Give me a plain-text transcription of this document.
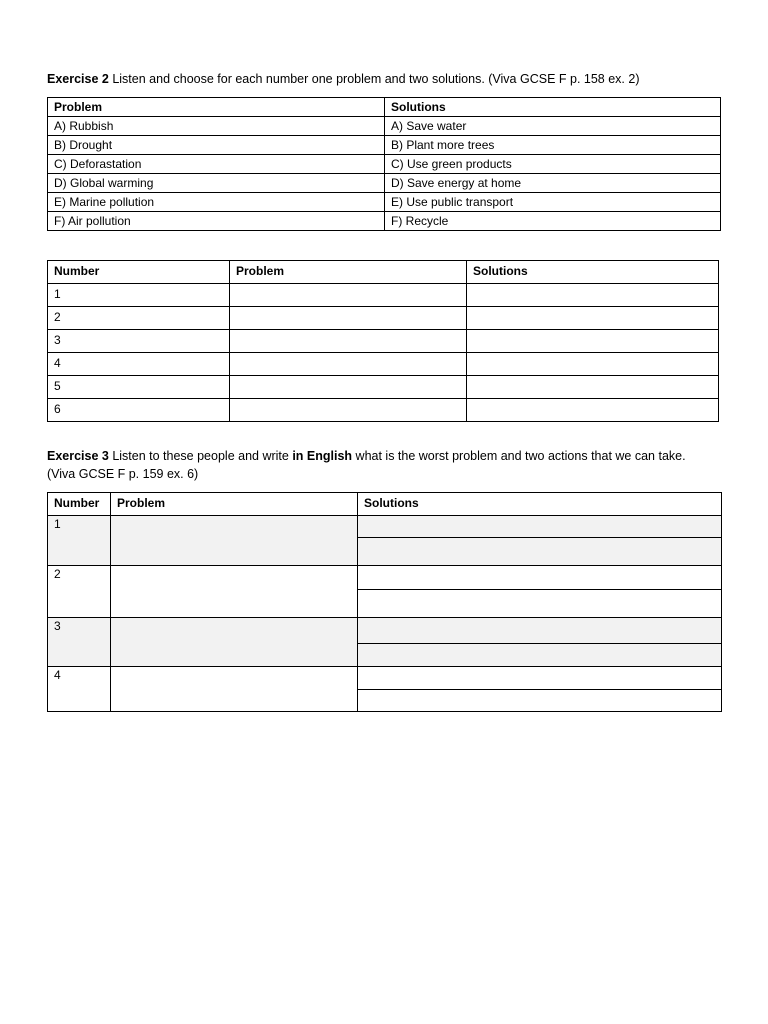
Exercise 2 Listen and choose for each number one problem and two solutions. (Viva GCSE F p. 158 ex. 2)

Problem	Solutions
A) Rubbish	A) Save water
B) Drought	B) Plant more trees
C) Deforastation	C) Use green products
D) Global warming	D) Save energy at home
E) Marine pollution	E) Use public transport
F) Air pollution	F) Recycle
Number	Problem	Solutions
1		
2		
3		
4		
5		
6		

Exercise 3 Listen to these people and write in English what is the worst problem and two actions that we can take.
(Viva GCSE F p. 159 ex. 6)

Number	Problem	Solutions
1		

2		

3		

4		
